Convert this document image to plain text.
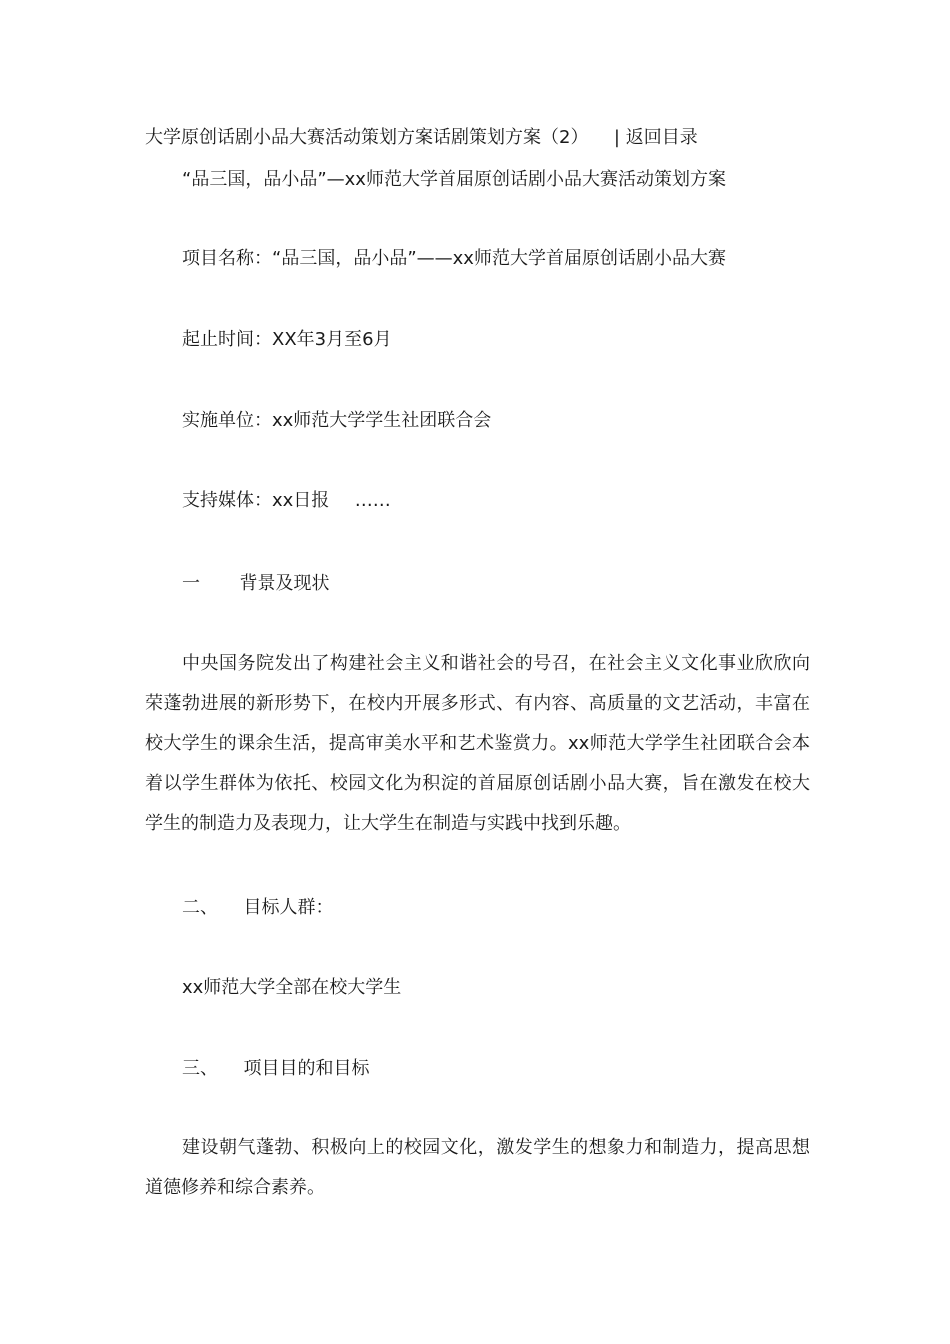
大学原创话剧小品大赛活动策划方案话剧策划方案（2） | 返回目录
“品三国，品小品”—xx师范大学首届原创话剧小品大赛活动策划方案
项目名称：“品三国，品小品”——xx师范大学首届原创话剧小品大赛
起止时间：XX年3月至6月
实施单位：xx师范大学学生社团联合会
支持媒体：xx日报 ……
一 背景及现状
中央国务院发出了构建社会主义和谐社会的号召，在社会主义文化事业欣欣向荣蓬勃进展的新形势下，在校内开展多形式、有内容、高质量的文艺活动，丰富在校大学生的课余生活，提高审美水平和艺术鉴赏力。xx师范大学学生社团联合会本着以学生群体为依托、校园文化为积淀的首届原创话剧小品大赛，旨在激发在校大学生的制造力及表现力，让大学生在制造与实践中找到乐趣。
二、 目标人群：
xx师范大学全部在校大学生
三、 项目目的和目标
建设朝气蓬勃、积极向上的校园文化，激发学生的想象力和制造力，提高思想道德修养和综合素养。
